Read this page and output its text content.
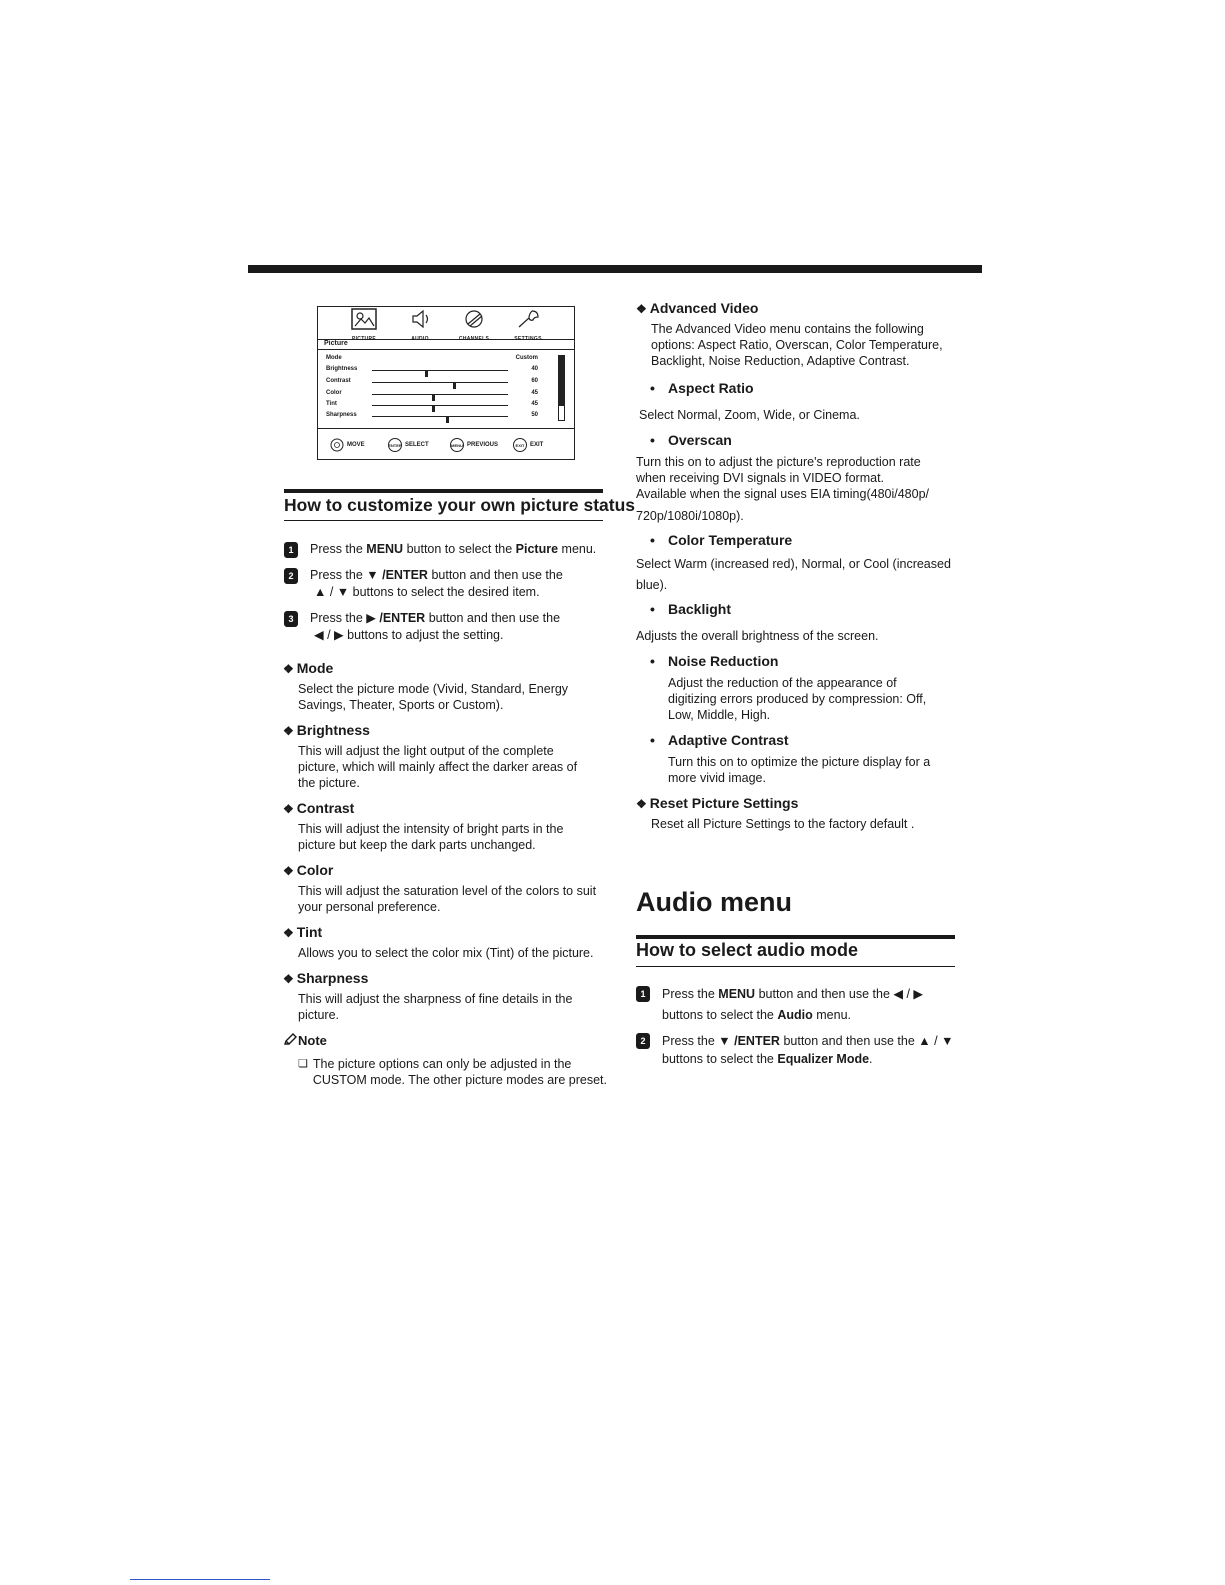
PICTURE	AUDIO	CHANNELS	SETTINGS
Picture
Mode	Custom
Brightness	40
Contrast	60
Color	45
Tint	45
Sharpness	50
MOVE	ENTER SELECT	MENU PREVIOUS	EXIT EXIT
How to customize your own picture status
1	Press the MENU button to select the Picture menu.
2	Press the ▼ /ENTER button and then use the
▲ / ▼ buttons to select the desired item.
3	Press the ▶ /ENTER button and then use the
◀ / ▶ buttons to adjust the setting.
❖ Mode
Select the picture mode (Vivid, Standard, Energy
Savings, Theater, Sports or Custom).
❖ Brightness
This will adjust the light output of the complete
picture, which will mainly affect the darker areas of
the picture.
❖ Contrast
This will adjust the intensity of bright parts in the
picture but keep the dark parts unchanged.
❖ Color
This will adjust the saturation level of the colors to suit
your personal preference.
❖ Tint
Allows you to select the color mix (Tint) of the picture.
❖ Sharpness
This will adjust the sharpness of fine details in the
picture.
Note
❏ The picture options can only be adjusted in the
CUSTOM mode. The other picture modes are preset.
❖ Advanced Video
The Advanced Video menu contains the following
options: Aspect Ratio, Overscan, Color Temperature,
Backlight, Noise Reduction, Adaptive Contrast.
• Aspect Ratio
Select Normal, Zoom, Wide, or Cinema.
• Overscan
Turn this on to adjust the picture's reproduction rate
when receiving DVI signals in VIDEO format.
Available when the signal uses EIA timing(480i/480p/
720p/1080i/1080p).
• Color Temperature
Select Warm (increased red), Normal, or Cool (increased
blue).
• Backlight
Adjusts the overall brightness of the screen.
• Noise Reduction
Adjust the reduction of the appearance of
digitizing errors produced by compression: Off,
Low, Middle, High.
• Adaptive Contrast
Turn this on to optimize the picture display for a
more vivid image.
❖ Reset Picture Settings
Reset all Picture Settings to the factory default .
Audio menu
How to select audio mode
1	Press the MENU button and then use the ◀ / ▶
buttons to select the Audio menu.
2	Press the ▼ /ENTER button and then use the ▲ / ▼
buttons to select the Equalizer Mode.
